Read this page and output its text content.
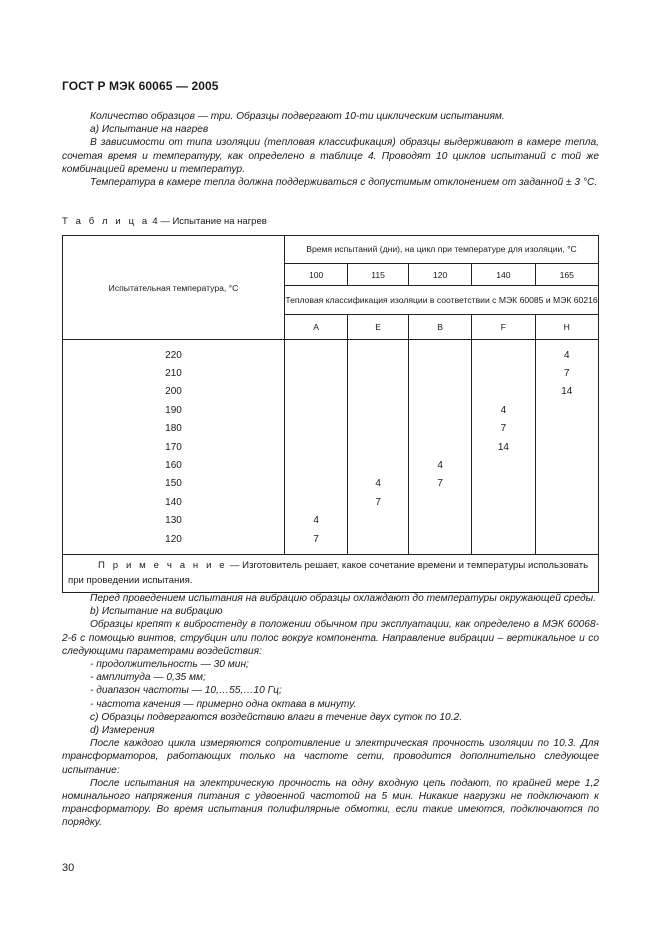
ГОСТ Р МЭК 60065 — 2005

Количество образцов — три. Образцы подвергают 10-ти циклическим испытаниям.

a) Испытание на нагрев

В зависимости от типа изоляции (тепловая классификация) образцы выдерживают в камере тепла, сочетая время и температуру, как определено в таблице 4. Проводят 10 циклов испытаний с той же комбинацией времени и температур.

Температура в камере тепла должна поддерживаться с допустимым отклонением от заданной ± 3 °C.

Т а б л и ц а 4 — Испытание на нагрев
Испытательная температура, °C	Время испытаний (дни), на цикл при температуре для изоляции, °C				
	100	115	120	140	165
	Тепловая классификация изоляции в соответствии с МЭК 60085 и МЭК 60216				
	A	E	B	F	H
220					4
210					7
200					14
190				4	
180				7	
170				14	
160			4		
150		4	7		
140		7			
130	4				
120	7				
П р и м е ч а н и е — Изготовитель решает, какое сочетание времени и температуры использовать при проведении испытания.					

Перед проведением испытания на вибрацию образцы охлаждают до температуры окружающей среды.

b) Испытание на вибрацию

Образцы крепят к вибростенду в положении обычном при эксплуатации, как определено в МЭК 60068-2-6 с помощью винтов, струбцин или полос вокруг компонента. Направление вибрации – вертикальное и со следующими параметрами воздействия:

- продолжительность — 30 мин;

- амплитуда — 0,35 мм;

- диапазон частоты — 10,…55,…10 Гц;

- частота качения — примерно одна октава в минуту.

c) Образцы подвергаются воздействию влаги в течение двух суток по 10.2.

d) Измерения

После каждого цикла измеряются сопротивление и электрическая прочность изоляции по 10.3. Для трансформаторов, работающих только на частоте сети, проводится дополнительно следующее испытание:

После испытания на электрическую прочность на одну входную цепь подают, по крайней мере 1,2 номинального напряжения питания с удвоенной частотой на 5 мин. Никакие нагрузки не подключают к трансформатору. Во время испытания полифилярные обмотки, если такие имеются, подключаются по порядку.

30
